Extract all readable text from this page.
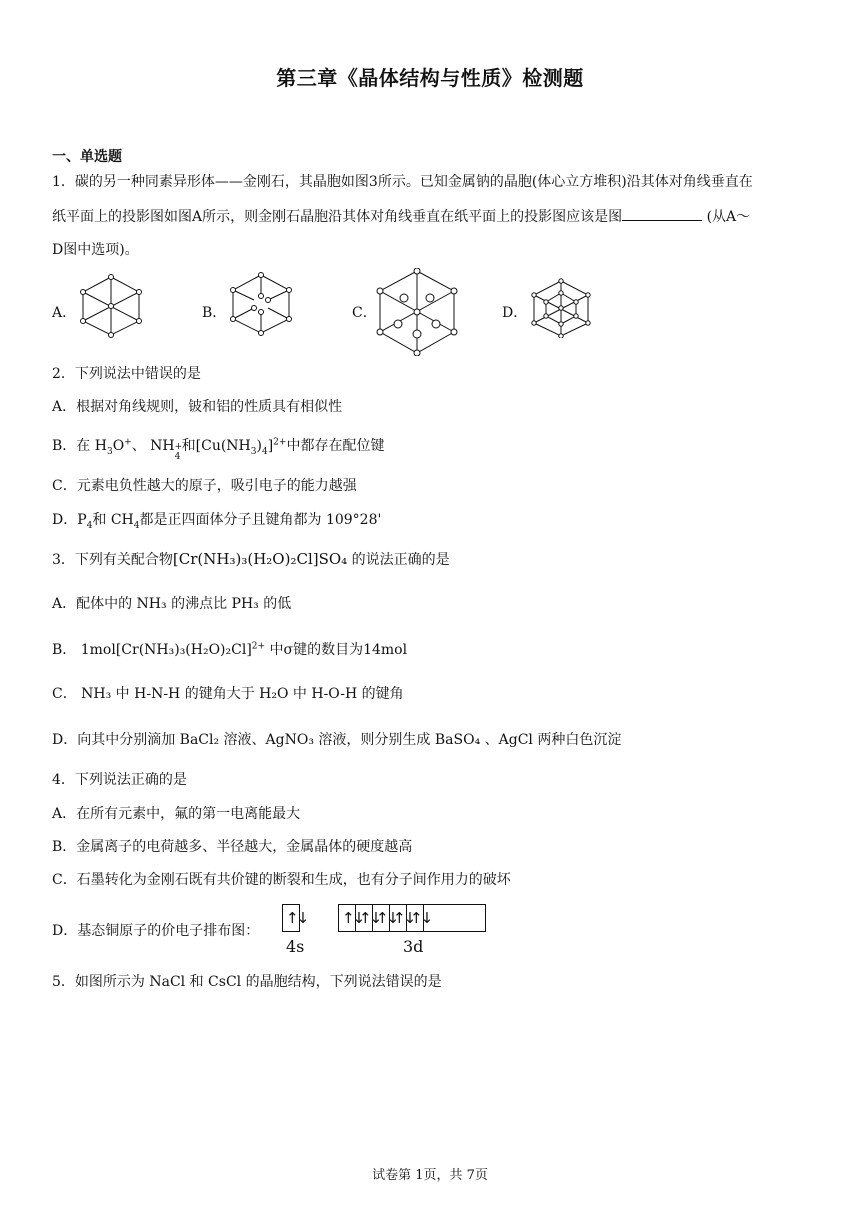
第三章《晶体结构与性质》检测题
一、单选题
1．碳的另一种同素异形体——金刚石，其晶胞如图3所示。已知金属钠的晶胞(体心立方堆积)沿其体对角线垂直在
纸平面上的投影图如图A所示，则金刚石晶胞沿其体对角线垂直在纸平面上的投影图应该是图	(从A～
D图中选项)。
A．	B．	C．	D．
2．下列说法中错误的是
A．根据对角线规则，铍和铝的性质具有相似性
B．在 $H_3O^+$、 NH +
4
和$[Cu(NH_3)_4]^{2+}$中都存在配位键
C．元素电负性越大的原子，吸引电子的能力越强
D．$P_4$和 $CH_4$都是正四面体分子且键角都为 109°28'
3．下列有关配合物[Cr(NH₃)₃(H₂O)₂Cl]SO₄ 的说法正确的是
A．配体中的 NH₃ 的沸点比 PH₃ 的低
B． $1mol[Cr(NH_3)_3(H_2O)_2Cl]^{2+}$ 中σ键的数目为14mol
C． NH₃ 中 H-N-H 的键角大于 H₂O 中 H-O-H 的键角
D．向其中分别滴加 BaCl₂ 溶液、AgNO₃ 溶液，则分别生成 BaSO₄ 、AgCl 两种白色沉淀
4．下列说法正确的是
A．在所有元素中，氟的第一电离能最大
B．金属离子的电荷越多、半径越大，金属晶体的硬度越高
C．石墨转化为金刚石既有共价键的断裂和生成，也有分子间作用力的破坏
D．基态铜原子的价电子排布图：
↑↓
4s
↑↓
↑↓
↑↓
↑↓
↑↓
3d
5．如图所示为 NaCl 和 CsCl 的晶胞结构，下列说法错误的是
试卷第 1页，共 7页
